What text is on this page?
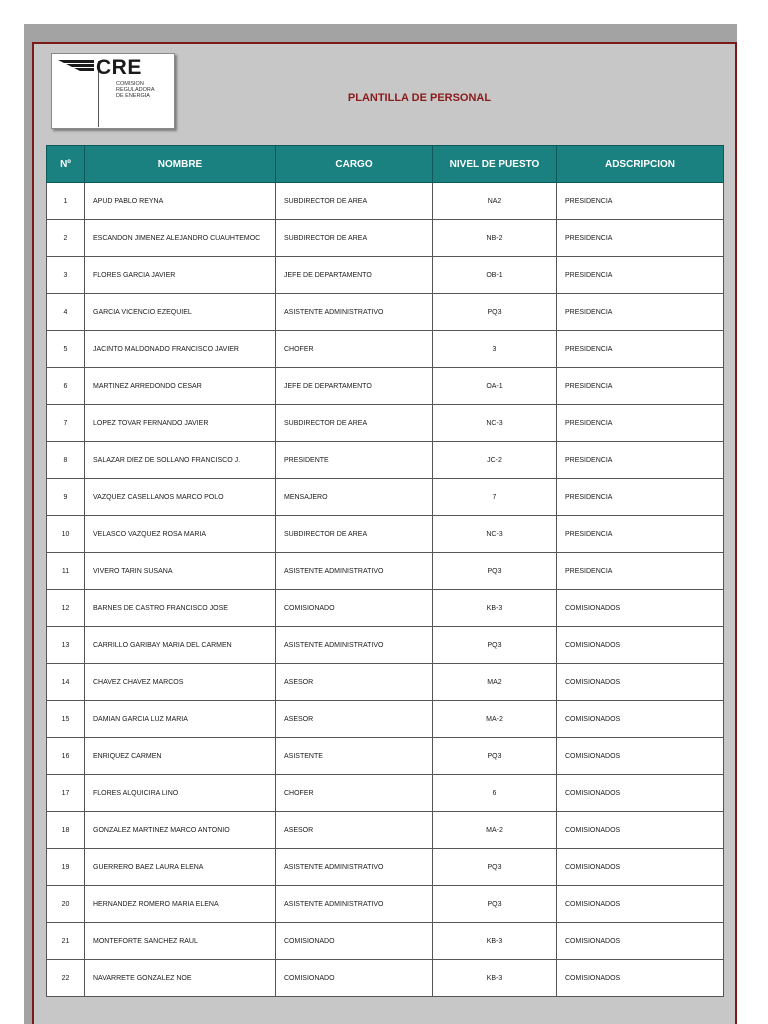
CRE
COMISION
REGULADORA
DE ENERGIA	PLANTILLA DE PERSONAL
Nº	NOMBRE	CARGO	NIVEL DE PUESTO	ADSCRIPCION
1	APUD PABLO REYNA	SUBDIRECTOR DE AREA	NA2	PRESIDENCIA
2	ESCANDON JIMENEZ ALEJANDRO CUAUHTEMOC	SUBDIRECTOR DE AREA	NB-2	PRESIDENCIA
3	FLORES GARCIA JAVIER	JEFE DE DEPARTAMENTO	OB-1	PRESIDENCIA
4	GARCIA VICENCIO EZEQUIEL	ASISTENTE ADMINISTRATIVO	PQ3	PRESIDENCIA
5	JACINTO MALDONADO FRANCISCO JAVIER	CHOFER	3	PRESIDENCIA
6	MARTINEZ ARREDONDO CESAR	JEFE DE DEPARTAMENTO	OA-1	PRESIDENCIA
7	LOPEZ TOVAR FERNANDO JAVIER	SUBDIRECTOR DE AREA	NC-3	PRESIDENCIA
8	SALAZAR DIEZ DE SOLLANO FRANCISCO J.	PRESIDENTE	JC-2	PRESIDENCIA
9	VAZQUEZ CASELLANOS MARCO POLO	MENSAJERO	7	PRESIDENCIA
10	VELASCO VAZQUEZ ROSA MARIA	SUBDIRECTOR DE AREA	NC-3	PRESIDENCIA
11	VIVERO TARIN SUSANA	ASISTENTE ADMINISTRATIVO	PQ3	PRESIDENCIA
12	BARNES DE CASTRO FRANCISCO JOSE	COMISIONADO	KB-3	COMISIONADOS
13	CARRILLO GARIBAY MARIA DEL CARMEN	ASISTENTE ADMINISTRATIVO	PQ3	COMISIONADOS
14	CHAVEZ CHAVEZ MARCOS	ASESOR	MA2	COMISIONADOS
15	DAMIAN GARCIA LUZ MARIA	ASESOR	MA-2	COMISIONADOS
16	ENRIQUEZ CARMEN	ASISTENTE	PQ3	COMISIONADOS
17	FLORES ALQUICIRA LINO	CHOFER	6	COMISIONADOS
18	GONZALEZ MARTINEZ MARCO ANTONIO	ASESOR	MA-2	COMISIONADOS
19	GUERRERO BAEZ LAURA ELENA	ASISTENTE ADMINISTRATIVO	PQ3	COMISIONADOS
20	HERNANDEZ ROMERO MARIA ELENA	ASISTENTE ADMINISTRATIVO	PQ3	COMISIONADOS
21	MONTEFORTE SANCHEZ RAUL	COMISIONADO	KB-3	COMISIONADOS
22	NAVARRETE GONZALEZ NOE	COMISIONADO	KB-3	COMISIONADOS
